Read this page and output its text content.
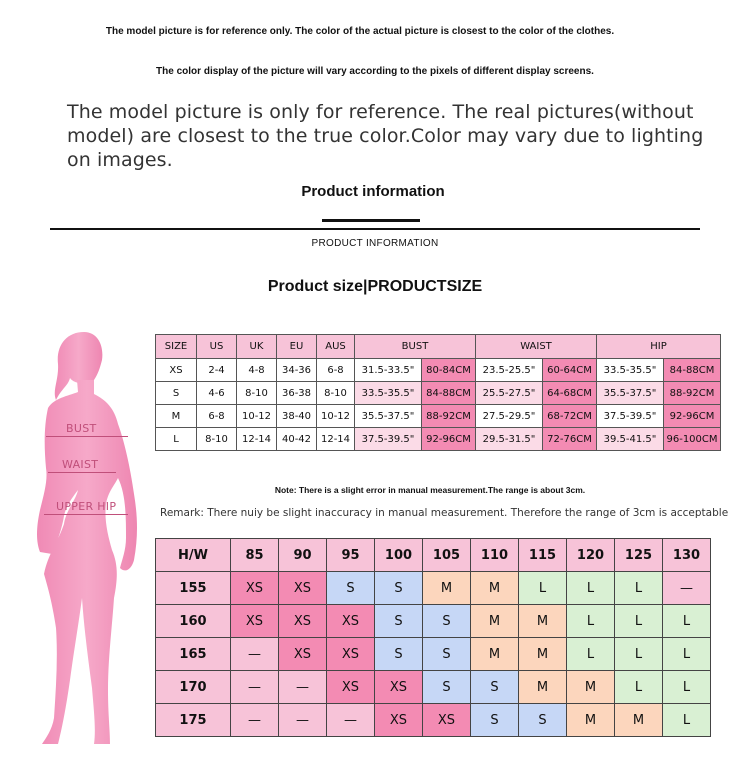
The model picture is for reference only. The color of the actual picture is closest to the color of the clothes.
The color display of the picture will vary according to the pixels of different display screens.
The model picture is only for reference. The real pictures(without model) are closest to the true color.Color may vary due to lighting on images.
Product information
PRODUCT INFORMATION
Product size|PRODUCTSIZE
BUST
WAIST
UPPER HIP
SIZE	US	UK	EU	AUS	BUST		WAIST		HIP	
XS	2-4	4-8	34-36	6-8	31.5-33.5"	80-84CM	23.5-25.5"	60-64CM	33.5-35.5"	84-88CM
S	4-6	8-10	36-38	8-10	33.5-35.5"	84-88CM	25.5-27.5"	64-68CM	35.5-37.5"	88-92CM
M	6-8	10-12	38-40	10-12	35.5-37.5"	88-92CM	27.5-29.5"	68-72CM	37.5-39.5"	92-96CM
L	8-10	12-14	40-42	12-14	37.5-39.5"	92-96CM	29.5-31.5"	72-76CM	39.5-41.5"	96-100CM
Note: There is a slight error in manual measurement.The range is about 3cm.
Remark: There nuiy be slight inaccuracy in manual measurement. Therefore the range of 3cm is acceptable
H/W	85	90	95	100	105	110	115	120	125	130
155	XS	XS	S	S	M	M	L	L	L	—
160	XS	XS	XS	S	S	M	M	L	L	L
165	—	XS	XS	S	S	M	M	L	L	L
170	—	—	XS	XS	S	S	M	M	L	L
175	—	—	—	XS	XS	S	S	M	M	L
